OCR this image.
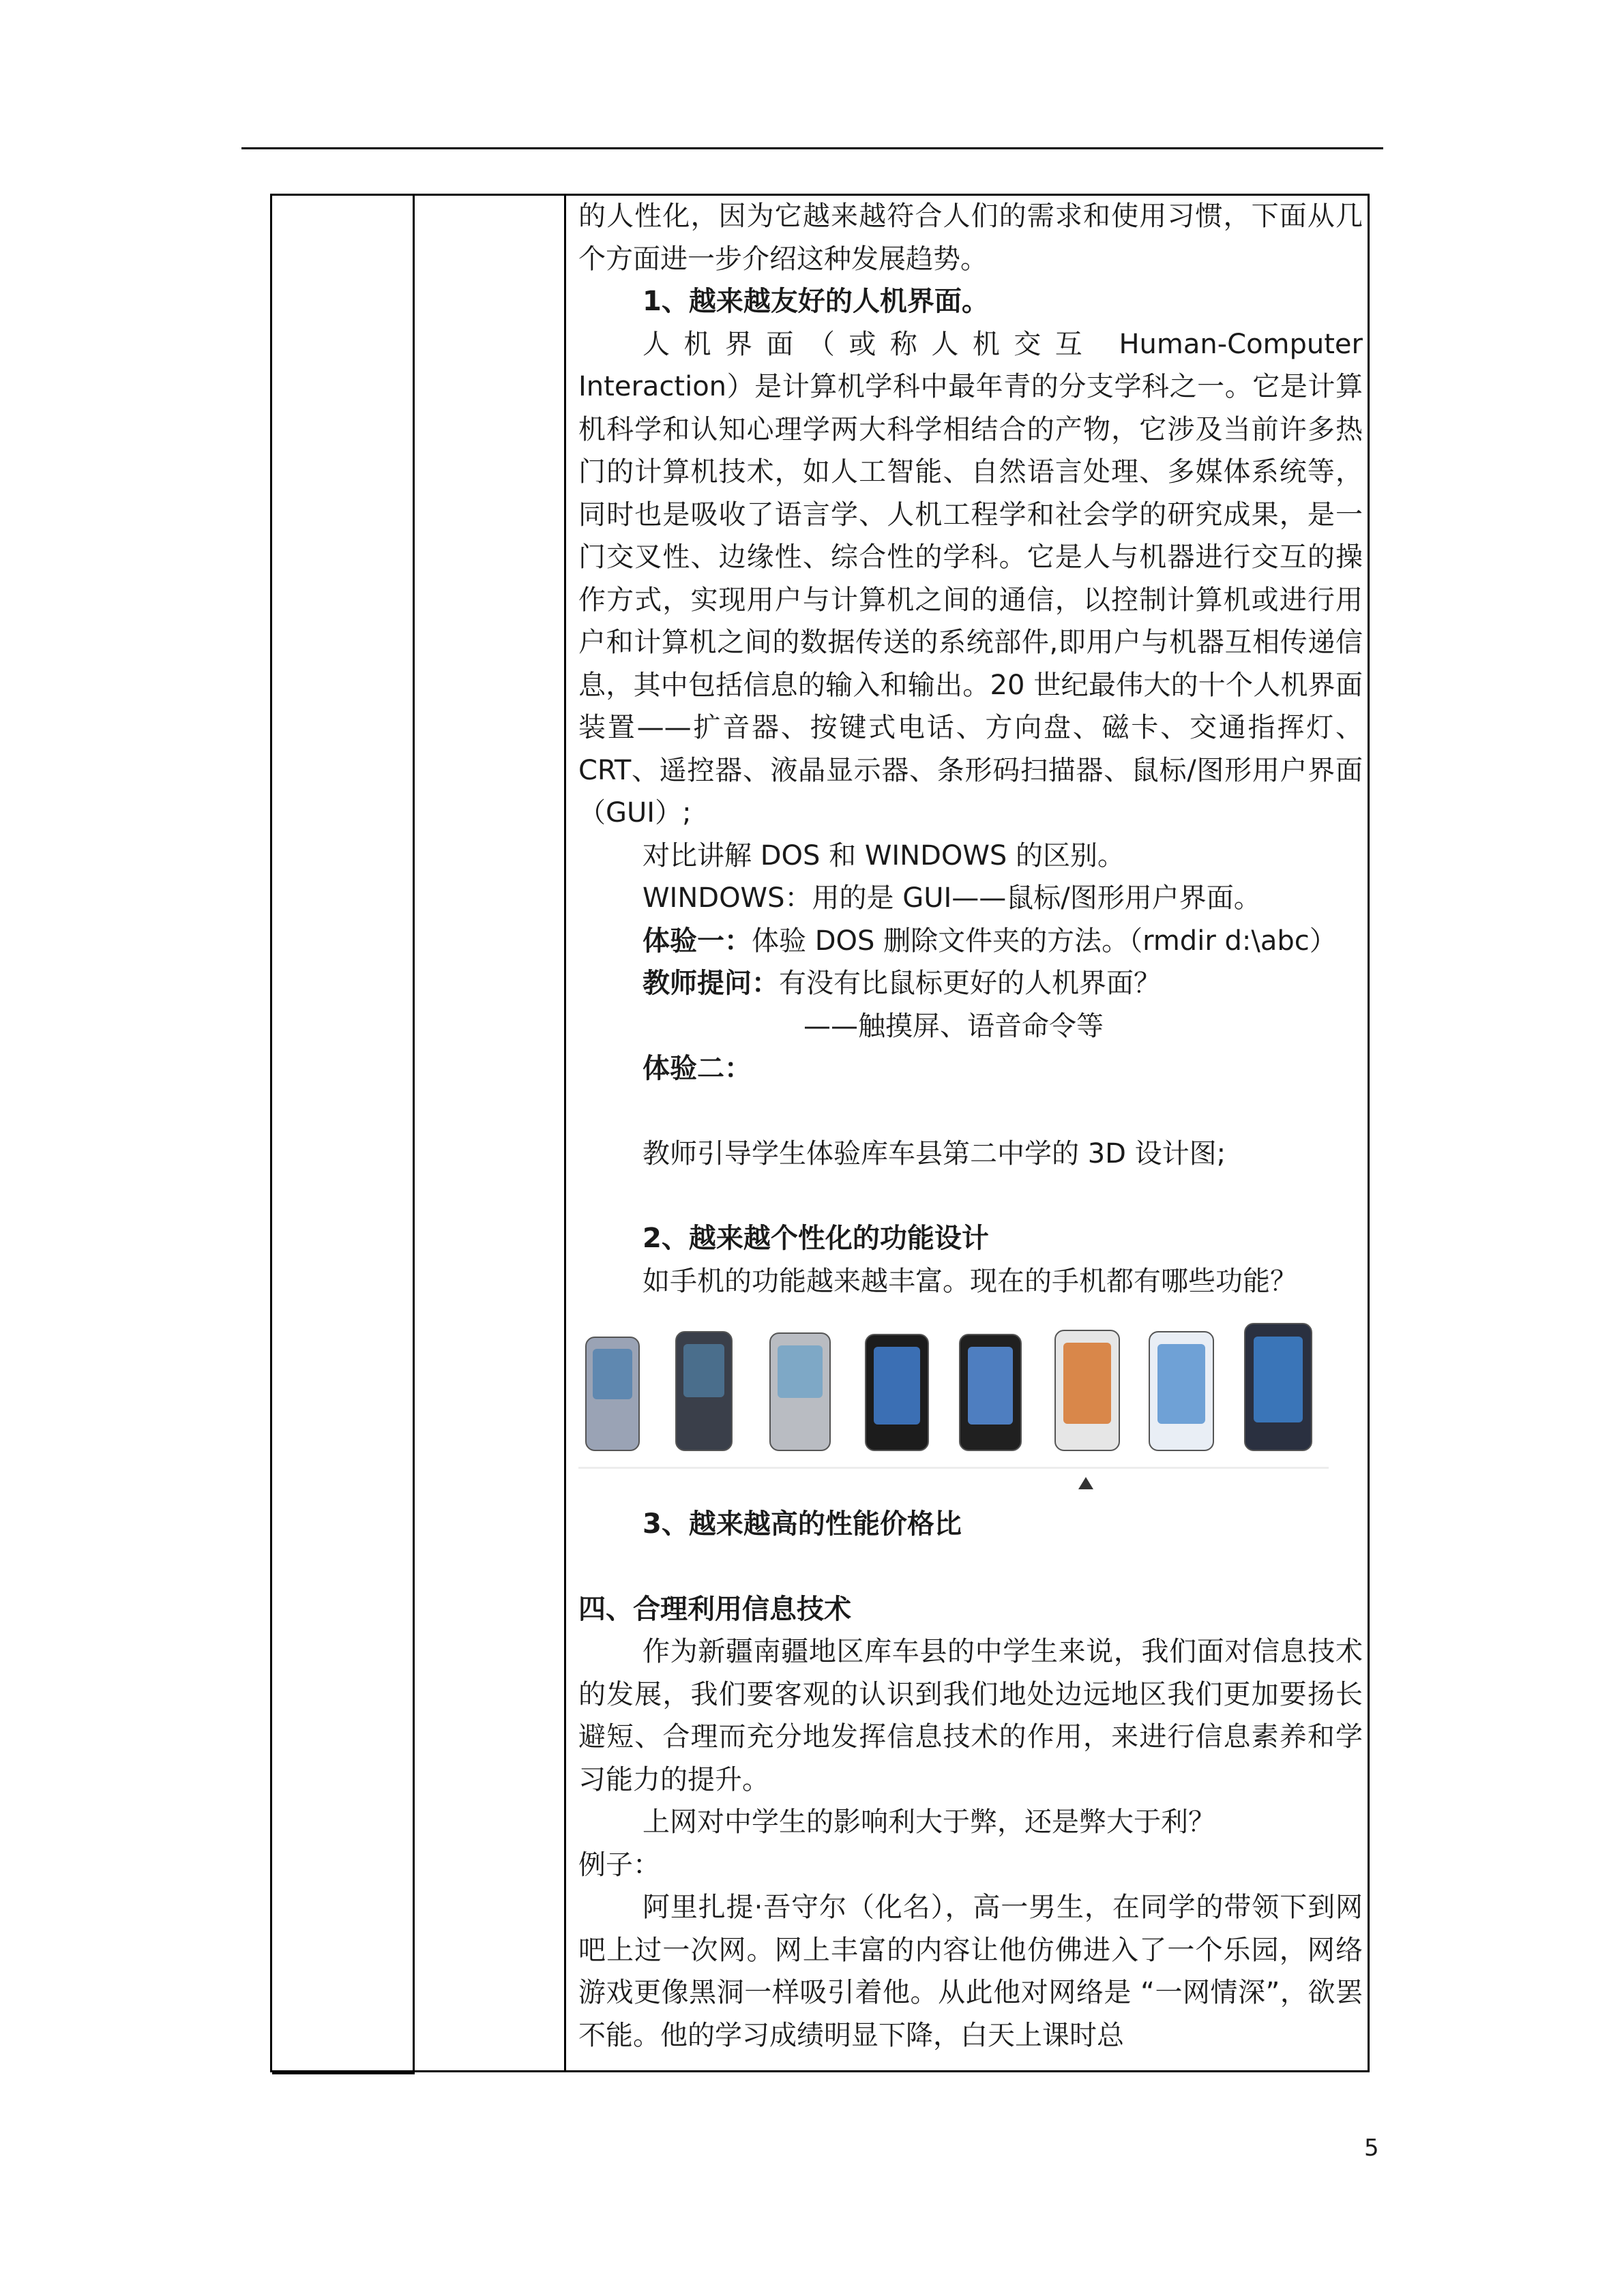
的人性化，因为它越来越符合人们的需求和使用习惯，下面从几个方面进一步介绍这种发展趋势。

1、越来越友好的人机界面。

人机界面（或称人机交互 Human-Computer Interaction）是计算机学科中最年青的分支学科之一。它是计算机科学和认知心理学两大科学相结合的产物，它涉及当前许多热门的计算机技术，如人工智能、自然语言处理、多媒体系统等，同时也是吸收了语言学、人机工程学和社会学的研究成果，是一门交叉性、边缘性、综合性的学科。它是人与机器进行交互的操作方式，实现用户与计算机之间的通信，以控制计算机或进行用户和计算机之间的数据传送的系统部件,即用户与机器互相传递信息，其中包括信息的输入和输出。20 世纪最伟大的十个人机界面装置——扩音器、按键式电话、方向盘、磁卡、交通指挥灯、CRT、遥控器、液晶显示器、条形码扫描器、鼠标/图形用户界面（GUI）;

对比讲解 DOS 和 WINDOWS 的区别。

WINDOWS：用的是 GUI——鼠标/图形用户界面。

体验一：体验 DOS 删除文件夹的方法。（rmdir d:\abc）

教师提问：有没有比鼠标更好的人机界面？

——触摸屏、语音命令等

体验二：

教师引导学生体验库车县第二中学的 3D 设计图;

2、越来越个性化的功能设计

如手机的功能越来越丰富。现在的手机都有哪些功能？

3、越来越高的性能价格比

四、合理利用信息技术

作为新疆南疆地区库车县的中学生来说，我们面对信息技术的发展，我们要客观的认识到我们地处边远地区我们更加要扬长避短、合理而充分地发挥信息技术的作用，来进行信息素养和学习能力的提升。

上网对中学生的影响利大于弊，还是弊大于利？

例子：

阿里扎提·吾守尔（化名），高一男生，在同学的带领下到网吧上过一次网。网上丰富的内容让他仿佛进入了一个乐园，网络游戏更像黑洞一样吸引着他。从此他对网络是 “一网情深”，欲罢不能。他的学习成绩明显下降，白天上课时总

5
